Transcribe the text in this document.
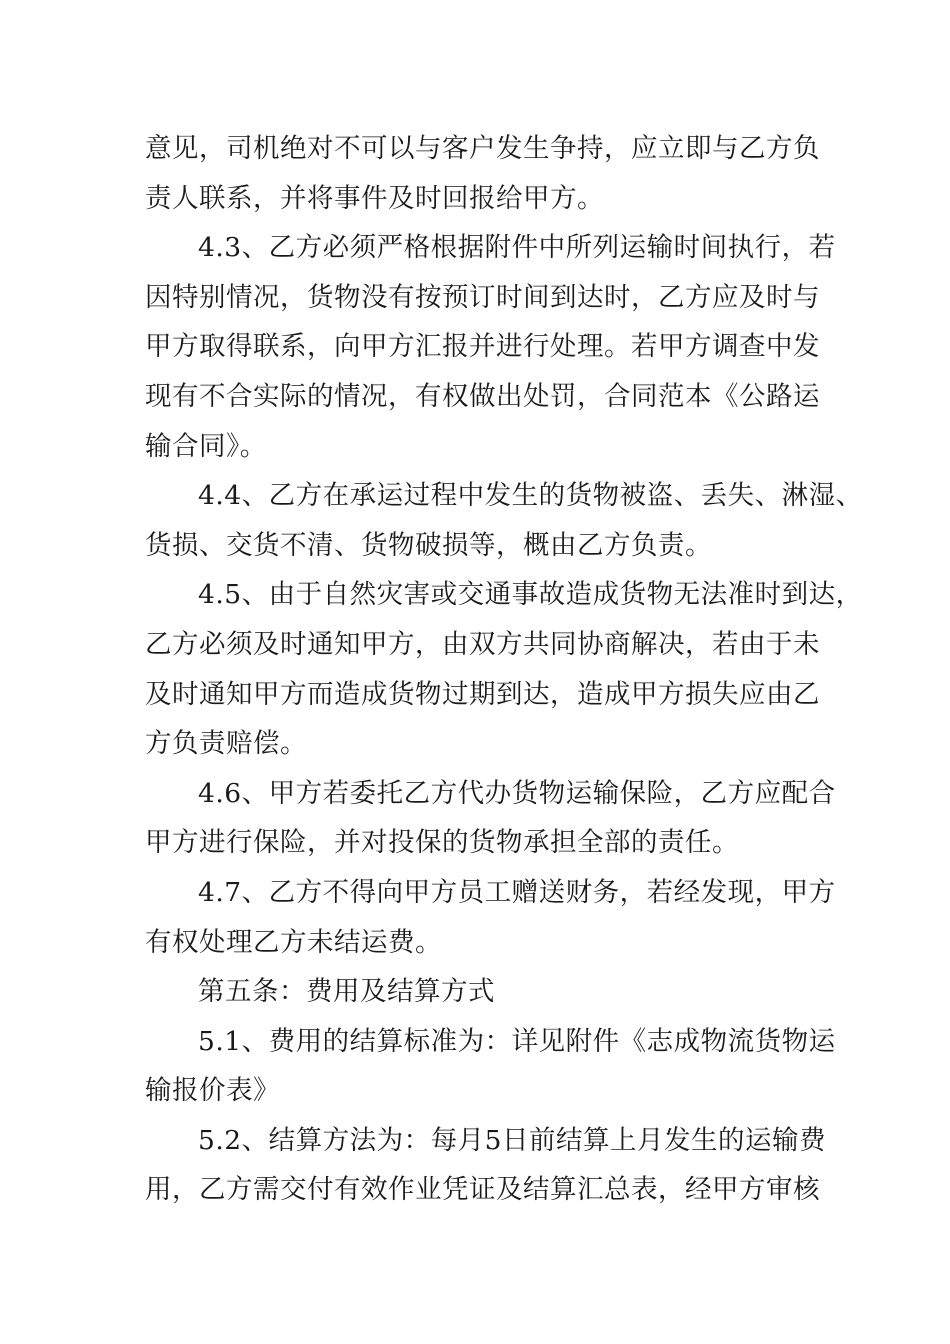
意见，司机绝对不可以与客户发生争持，应立即与乙方负
责人联系，并将事件及时回报给甲方。
4.3、乙方必须严格根据附件中所列运输时间执行，若
因特别情况，货物没有按预订时间到达时，乙方应及时与
甲方取得联系，向甲方汇报并进行处理。若甲方调查中发
现有不合实际的情况，有权做出处罚，合同范本《公路运
输合同》。
4.4、乙方在承运过程中发生的货物被盗、丢失、淋湿、
货损、交货不清、货物破损等，概由乙方负责。
4.5、由于自然灾害或交通事故造成货物无法准时到达，
乙方必须及时通知甲方，由双方共同协商解决，若由于未
及时通知甲方而造成货物过期到达，造成甲方损失应由乙
方负责赔偿。
4.6、甲方若委托乙方代办货物运输保险，乙方应配合
甲方进行保险，并对投保的货物承担全部的责任。
4.7、乙方不得向甲方员工赠送财务，若经发现，甲方
有权处理乙方未结运费。
第五条：费用及结算方式
5.1、费用的结算标准为：详见附件《志成物流货物运
输报价表》
5.2、结算方法为：每月5日前结算上月发生的运输费
用，乙方需交付有效作业凭证及结算汇总表，经甲方审核
